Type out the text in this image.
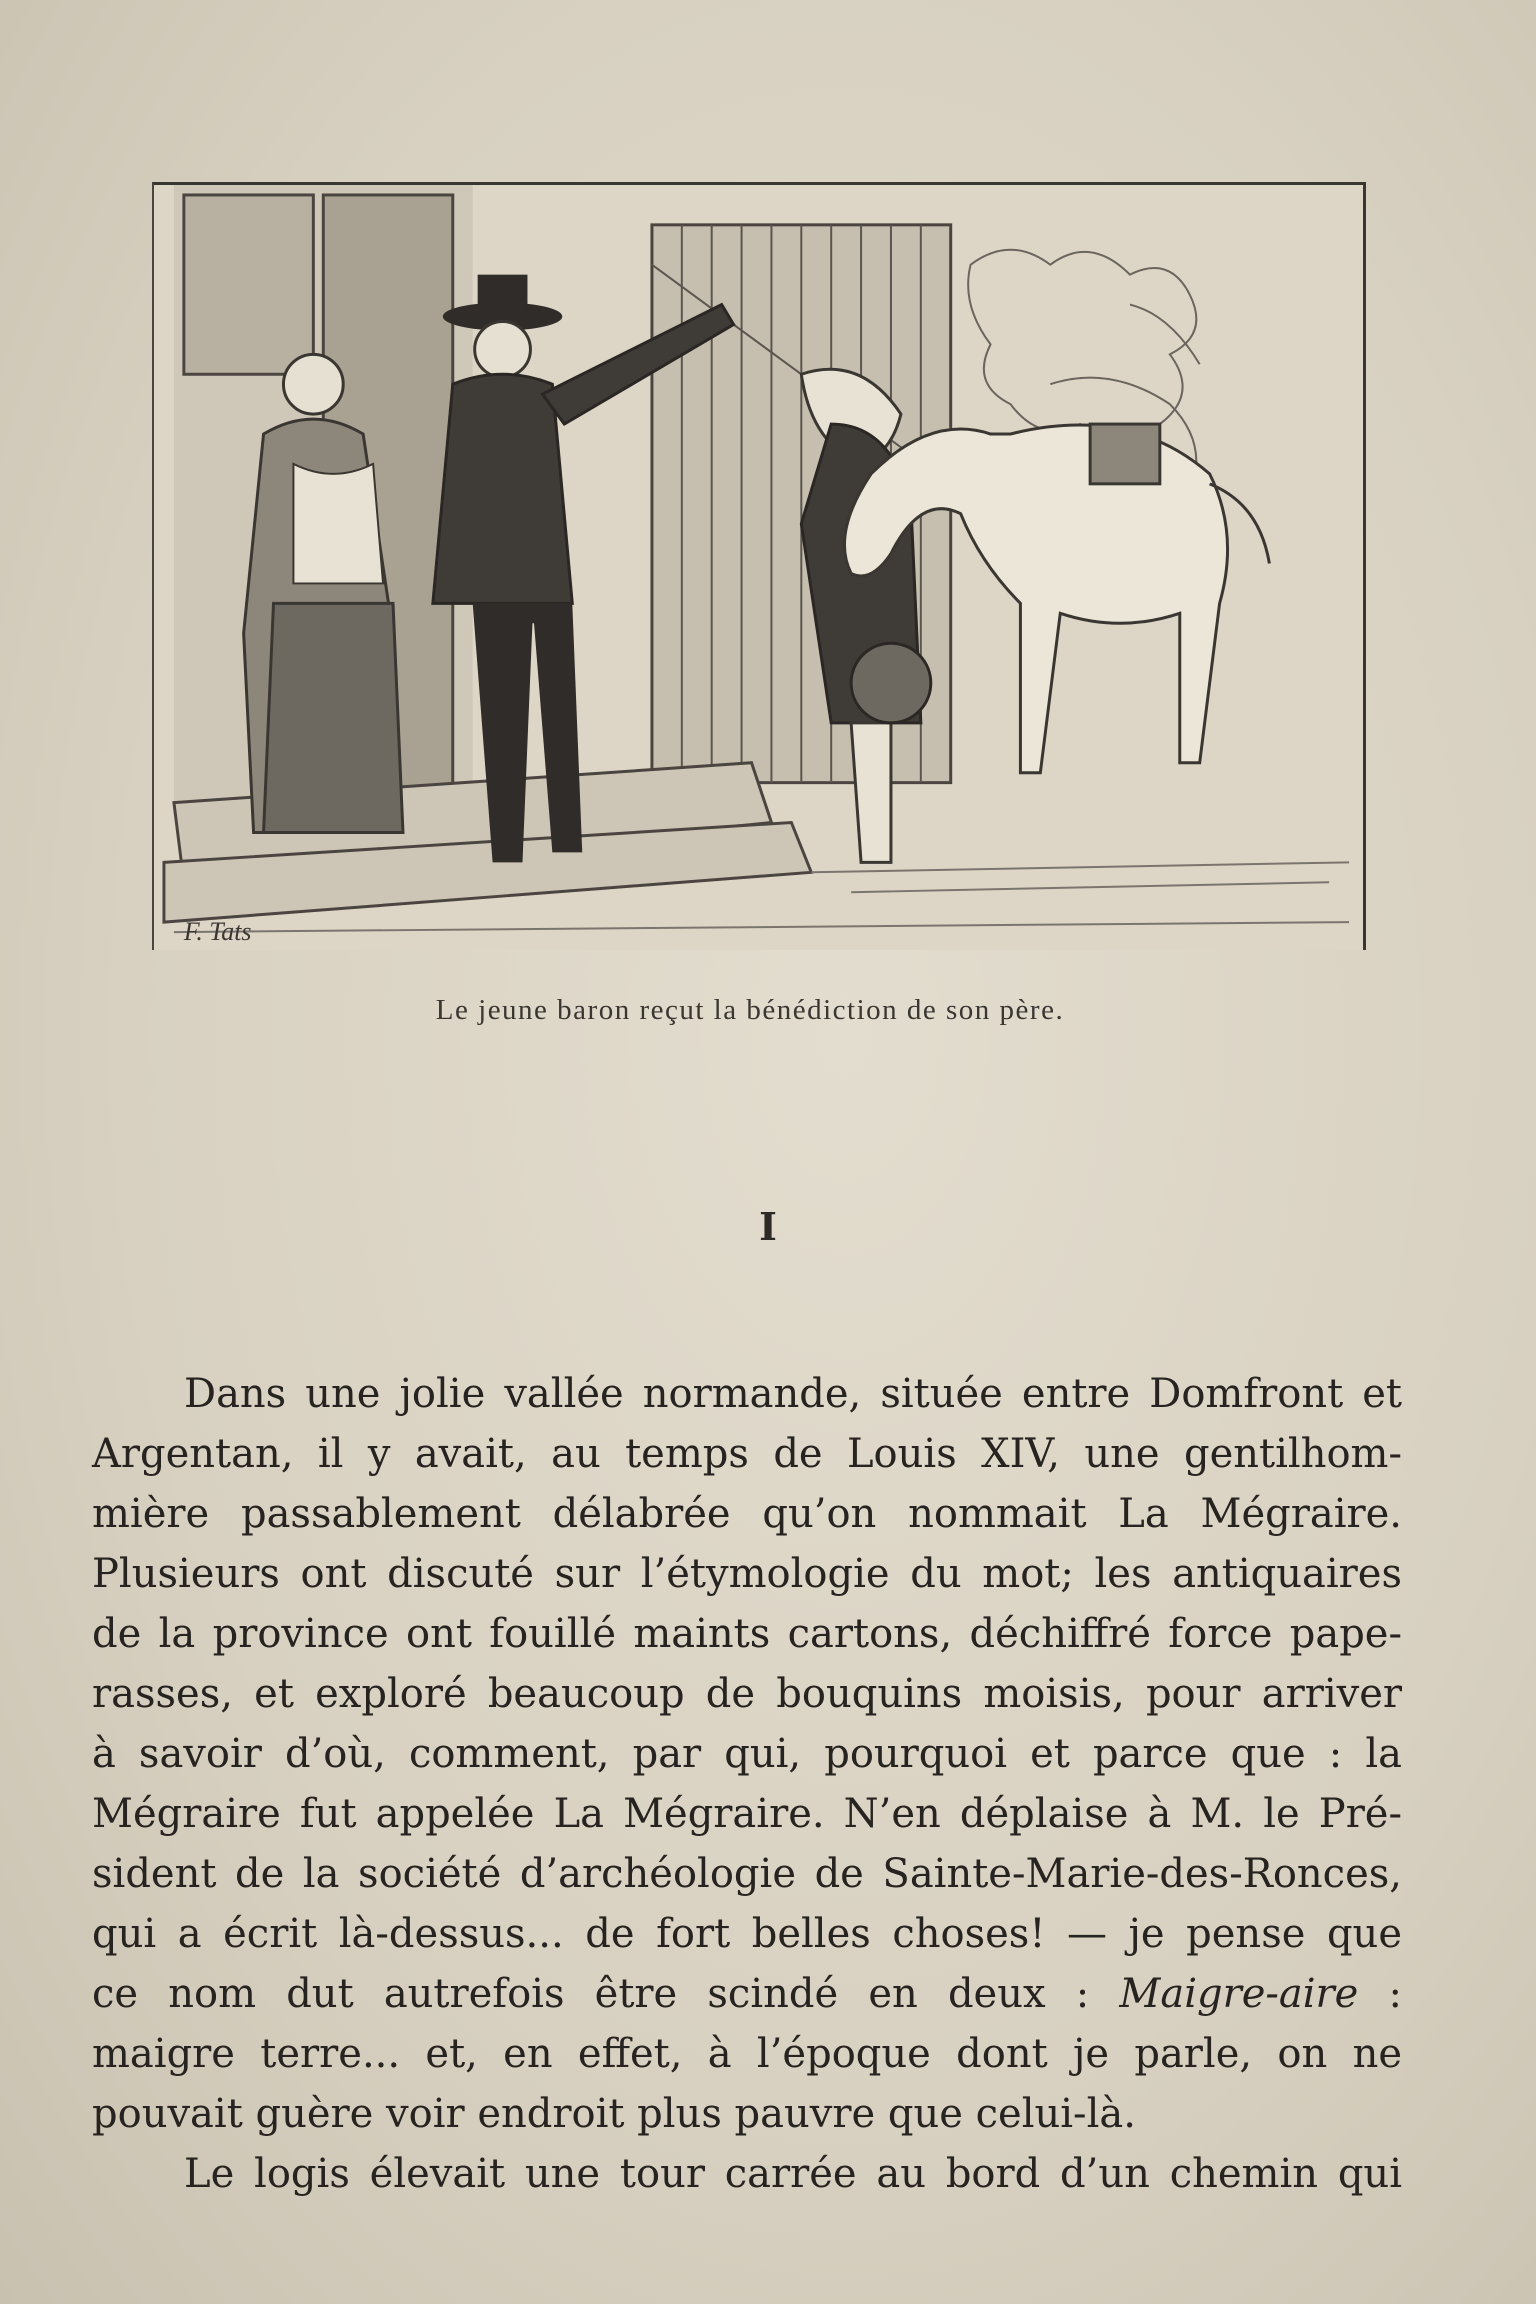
F. Tats
Le jeune baron reçut la bénédiction de son père.
I
Dans une jolie vallée normande, située entre Domfront et
Argentan, il y avait, au temps de Louis XIV, une gentilhom-
mière passablement délabrée qu’on nommait La Mégraire.
Plusieurs ont discuté sur l’étymologie du mot; les antiquaires
de la province ont fouillé maints cartons, déchiffré force pape-
rasses, et exploré beaucoup de bouquins moisis, pour arriver
à savoir d’où, comment, par qui, pourquoi et parce que : la
Mégraire fut appelée La Mégraire. N’en déplaise à M. le Pré-
sident de la société d’archéologie de Sainte-Marie-des-Ronces,
qui a écrit là-dessus... de fort belles choses! — je pense que
ce nom dut autrefois être scindé en deux : Maigre-aire :
maigre terre... et, en effet, à l’époque dont je parle, on ne
pouvait guère voir endroit plus pauvre que celui-là.
Le logis élevait une tour carrée au bord d’un chemin qui
